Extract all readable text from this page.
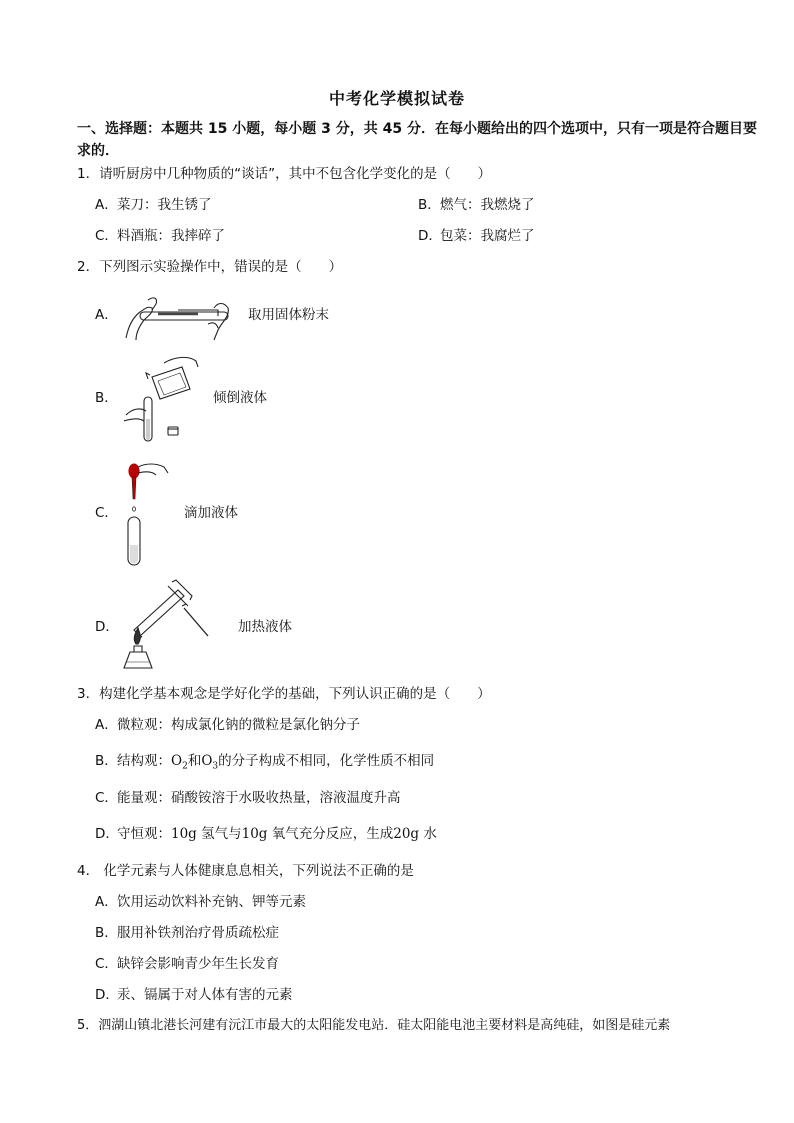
中考化学模拟试卷
一、选择题：本题共 15 小题，每小题 3 分，共 45 分．在每小题给出的四个选项中，只有一项是符合题目要求的．
1．请听厨房中几种物质的“谈话”，其中不包含化学变化的是（　　）
A．菜刀：我生锈了	B．燃气：我燃烧了
C．料酒瓶：我摔碎了	D．包菜：我腐烂了
2．下列图示实验操作中，错误的是（　　）
A．	取用固体粉末
B．	倾倒液体
C．	滴加液体
D．	加热液体
3．构建化学基本观念是学好化学的基础，下列认识正确的是（　　）
A．微粒观：构成氯化钠的微粒是氯化钠分子
B．结构观：$O_2$和$O_3$的分子构成不相同，化学性质不相同
C．能量观：硝酸铵溶于水吸收热量，溶液温度升高
D．守恒观：10g 氢气与10g 氧气充分反应，生成20g 水
4． 化学元素与人体健康息息相关，下列说法不正确的是
A．饮用运动饮料补充钠、钾等元素
B．服用补铁剂治疗骨质疏松症
C．缺锌会影响青少年生长发育
D．汞、镉属于对人体有害的元素
5．泗湖山镇北港长河建有沅江市最大的太阳能发电站．硅太阳能电池主要材料是高纯硅，如图是硅元素
